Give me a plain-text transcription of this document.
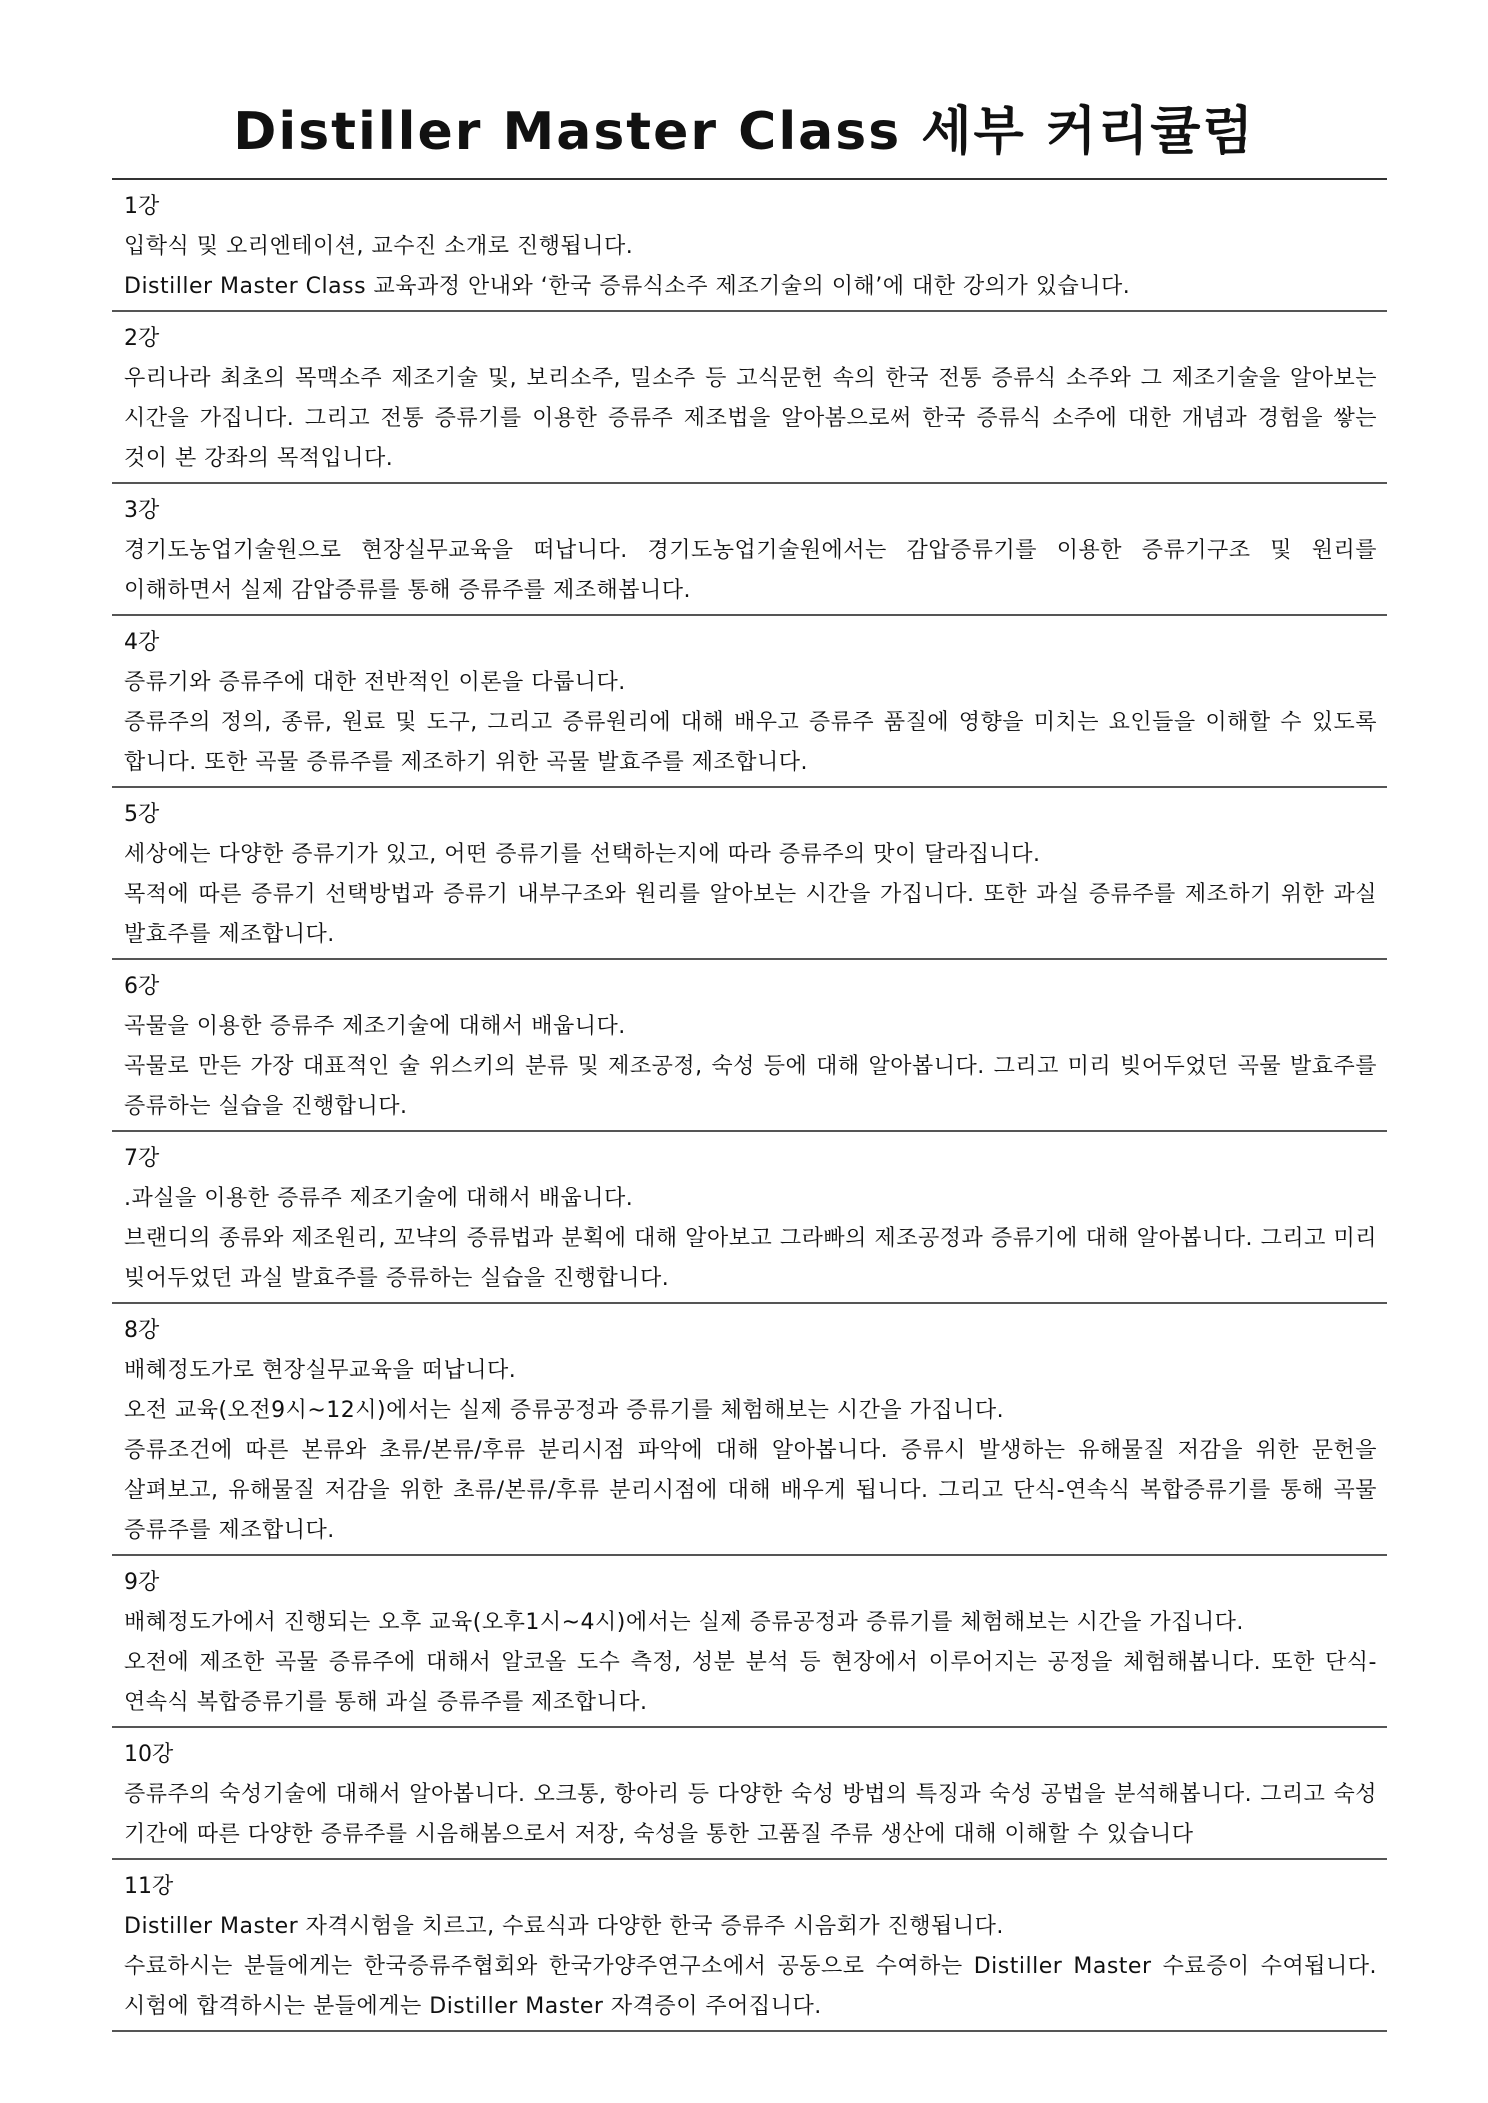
Distiller Master Class 세부 커리큘럼
1강
입학식 및 오리엔테이션, 교수진 소개로 진행됩니다.
Distiller Master Class 교육과정 안내와 ‘한국 증류식소주 제조기술의 이해’에 대한 강의가 있습니다.
2강
우리나라 최초의 목맥소주 제조기술 및, 보리소주, 밀소주 등 고식문헌 속의 한국 전통 증류식 소주와 그 제조기술을 알아보는 시간을 가집니다. 그리고 전통 증류기를 이용한 증류주 제조법을 알아봄으로써 한국 증류식 소주에 대한 개념과 경험을 쌓는 것이 본 강좌의 목적입니다.
3강
경기도농업기술원으로 현장실무교육을 떠납니다. 경기도농업기술원에서는 감압증류기를 이용한 증류기구조 및 원리를 이해하면서 실제 감압증류를 통해 증류주를 제조해봅니다.
4강
증류기와 증류주에 대한 전반적인 이론을 다룹니다.
증류주의 정의, 종류, 원료 및 도구, 그리고 증류원리에 대해 배우고 증류주 품질에 영향을 미치는 요인들을 이해할 수 있도록 합니다. 또한 곡물 증류주를 제조하기 위한 곡물 발효주를 제조합니다.
5강
세상에는 다양한 증류기가 있고, 어떤 증류기를 선택하는지에 따라 증류주의 맛이 달라집니다.
목적에 따른 증류기 선택방법과 증류기 내부구조와 원리를 알아보는 시간을 가집니다. 또한 과실 증류주를 제조하기 위한 과실 발효주를 제조합니다.
6강
곡물을 이용한 증류주 제조기술에 대해서 배웁니다.
곡물로 만든 가장 대표적인 술 위스키의 분류 및 제조공정, 숙성 등에 대해 알아봅니다. 그리고 미리 빚어두었던 곡물 발효주를 증류하는 실습을 진행합니다.
7강
.과실을 이용한 증류주 제조기술에 대해서 배웁니다.
브랜디의 종류와 제조원리, 꼬냑의 증류법과 분획에 대해 알아보고 그라빠의 제조공정과 증류기에 대해 알아봅니다. 그리고 미리 빚어두었던 과실 발효주를 증류하는 실습을 진행합니다.
8강
배혜정도가로 현장실무교육을 떠납니다.
오전 교육(오전9시~12시)에서는 실제 증류공정과 증류기를 체험해보는 시간을 가집니다.
증류조건에 따른 본류와 초류/본류/후류 분리시점 파악에 대해 알아봅니다. 증류시 발생하는 유해물질 저감을 위한 문헌을 살펴보고, 유해물질 저감을 위한 초류/본류/후류 분리시점에 대해 배우게 됩니다. 그리고 단식-연속식 복합증류기를 통해 곡물 증류주를 제조합니다.
9강
배혜정도가에서 진행되는 오후 교육(오후1시~4시)에서는 실제 증류공정과 증류기를 체험해보는 시간을 가집니다.
오전에 제조한 곡물 증류주에 대해서 알코올 도수 측정, 성분 분석 등 현장에서 이루어지는 공정을 체험해봅니다. 또한 단식-연속식 복합증류기를 통해 과실 증류주를 제조합니다.
10강
증류주의 숙성기술에 대해서 알아봅니다. 오크통, 항아리 등 다양한 숙성 방법의 특징과 숙성 공법을 분석해봅니다. 그리고 숙성 기간에 따른 다양한 증류주를 시음해봄으로서 저장, 숙성을 통한 고품질 주류 생산에 대해 이해할 수 있습니다
11강
Distiller Master 자격시험을 치르고, 수료식과 다양한 한국 증류주 시음회가 진행됩니다.
수료하시는 분들에게는 한국증류주협회와 한국가양주연구소에서 공동으로 수여하는 Distiller Master 수료증이 수여됩니다. 시험에 합격하시는 분들에게는 Distiller Master 자격증이 주어집니다.
